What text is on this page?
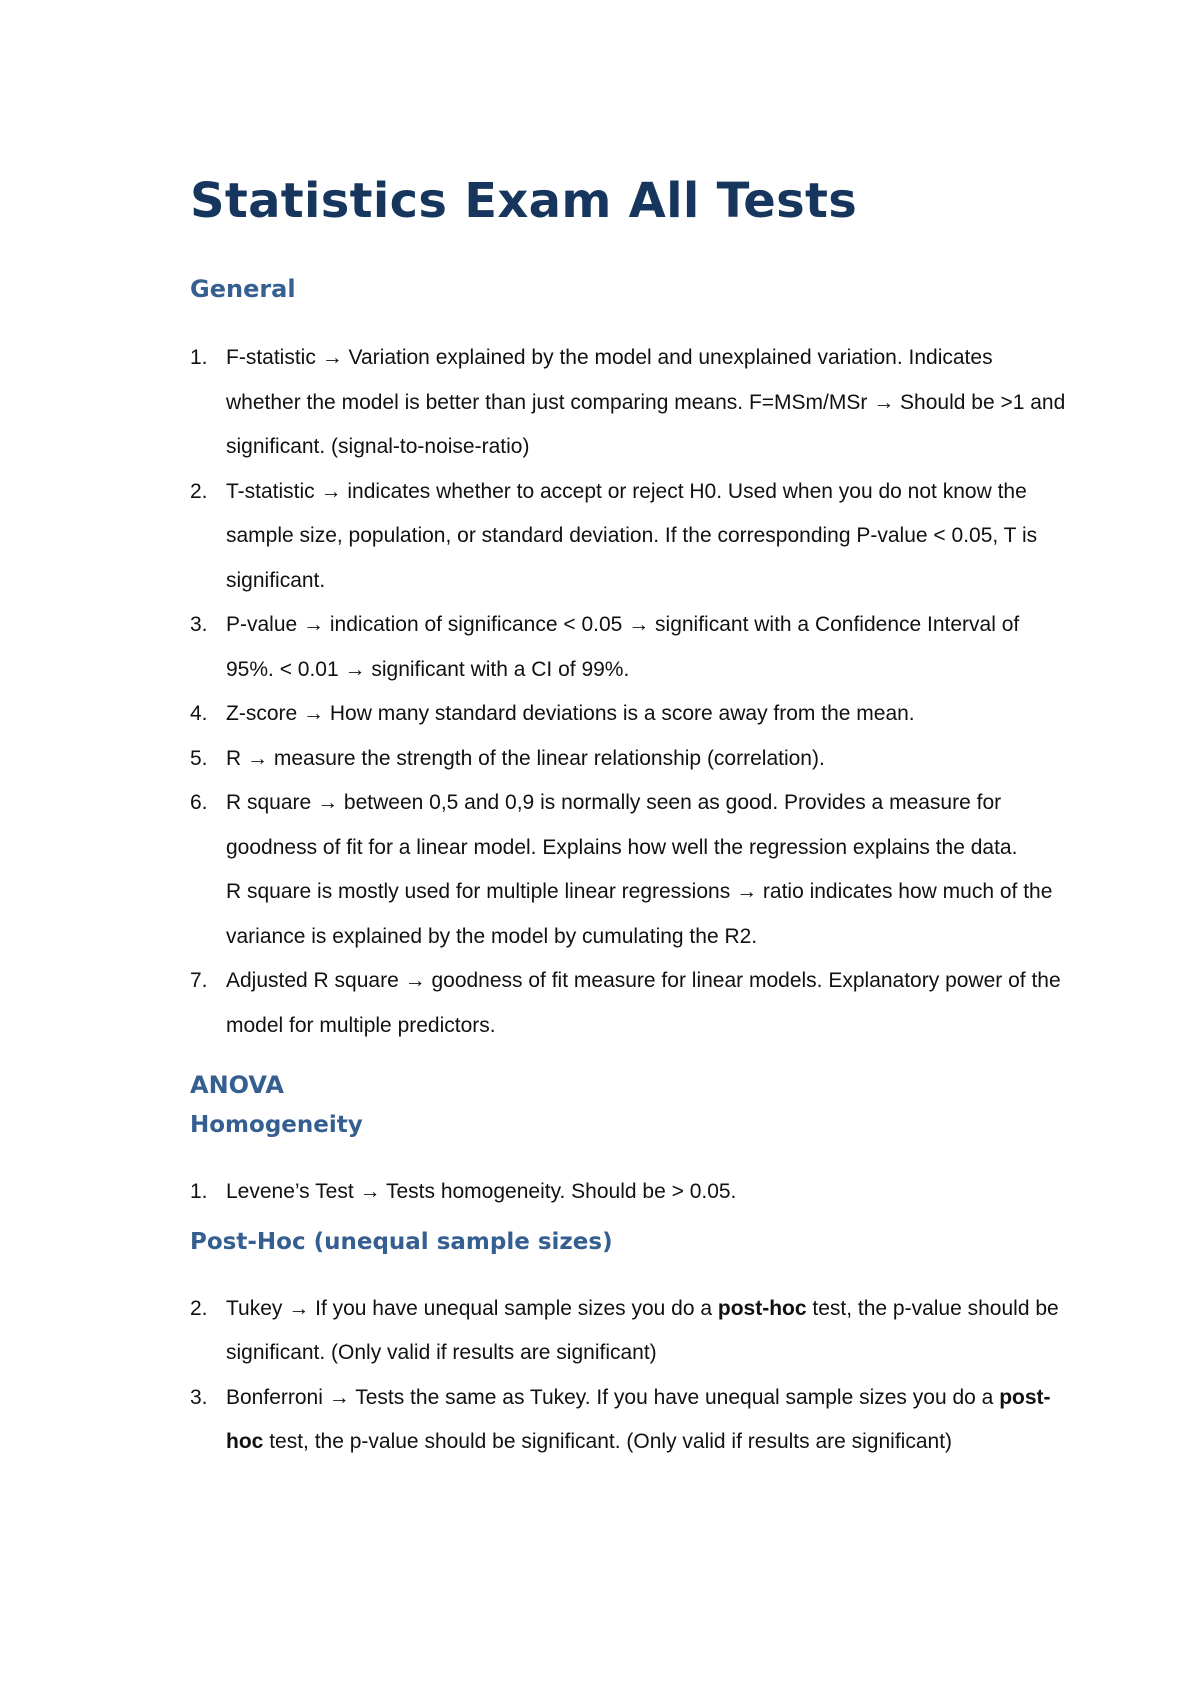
Statistics Exam All Tests
General
1. F-statistic → Variation explained by the model and unexplained variation. Indicates whether the model is better than just comparing means. F=MSm/MSr → Should be >1 and significant. (signal-to-noise-ratio)
2. T-statistic → indicates whether to accept or reject H0. Used when you do not know the sample size, population, or standard deviation. If the corresponding P-value < 0.05, T is significant.
3. P-value → indication of significance < 0.05 → significant with a Confidence Interval of 95%. < 0.01 → significant with a CI of 99%.
4. Z-score → How many standard deviations is a score away from the mean.
5. R → measure the strength of the linear relationship (correlation).
6. R square → between 0,5 and 0,9 is normally seen as good. Provides a measure for goodness of fit for a linear model. Explains how well the regression explains the data.
R square is mostly used for multiple linear regressions → ratio indicates how much of the variance is explained by the model by cumulating the R2.
7. Adjusted R square → goodness of fit measure for linear models. Explanatory power of the model for multiple predictors.
ANOVA
Homogeneity
1. Levene’s Test → Tests homogeneity. Should be > 0.05.
Post-Hoc (unequal sample sizes)
2. Tukey → If you have unequal sample sizes you do a post-hoc test, the p-value should be significant. (Only valid if results are significant)
3. Bonferroni → Tests the same as Tukey. If you have unequal sample sizes you do a post-hoc test, the p-value should be significant. (Only valid if results are significant)
